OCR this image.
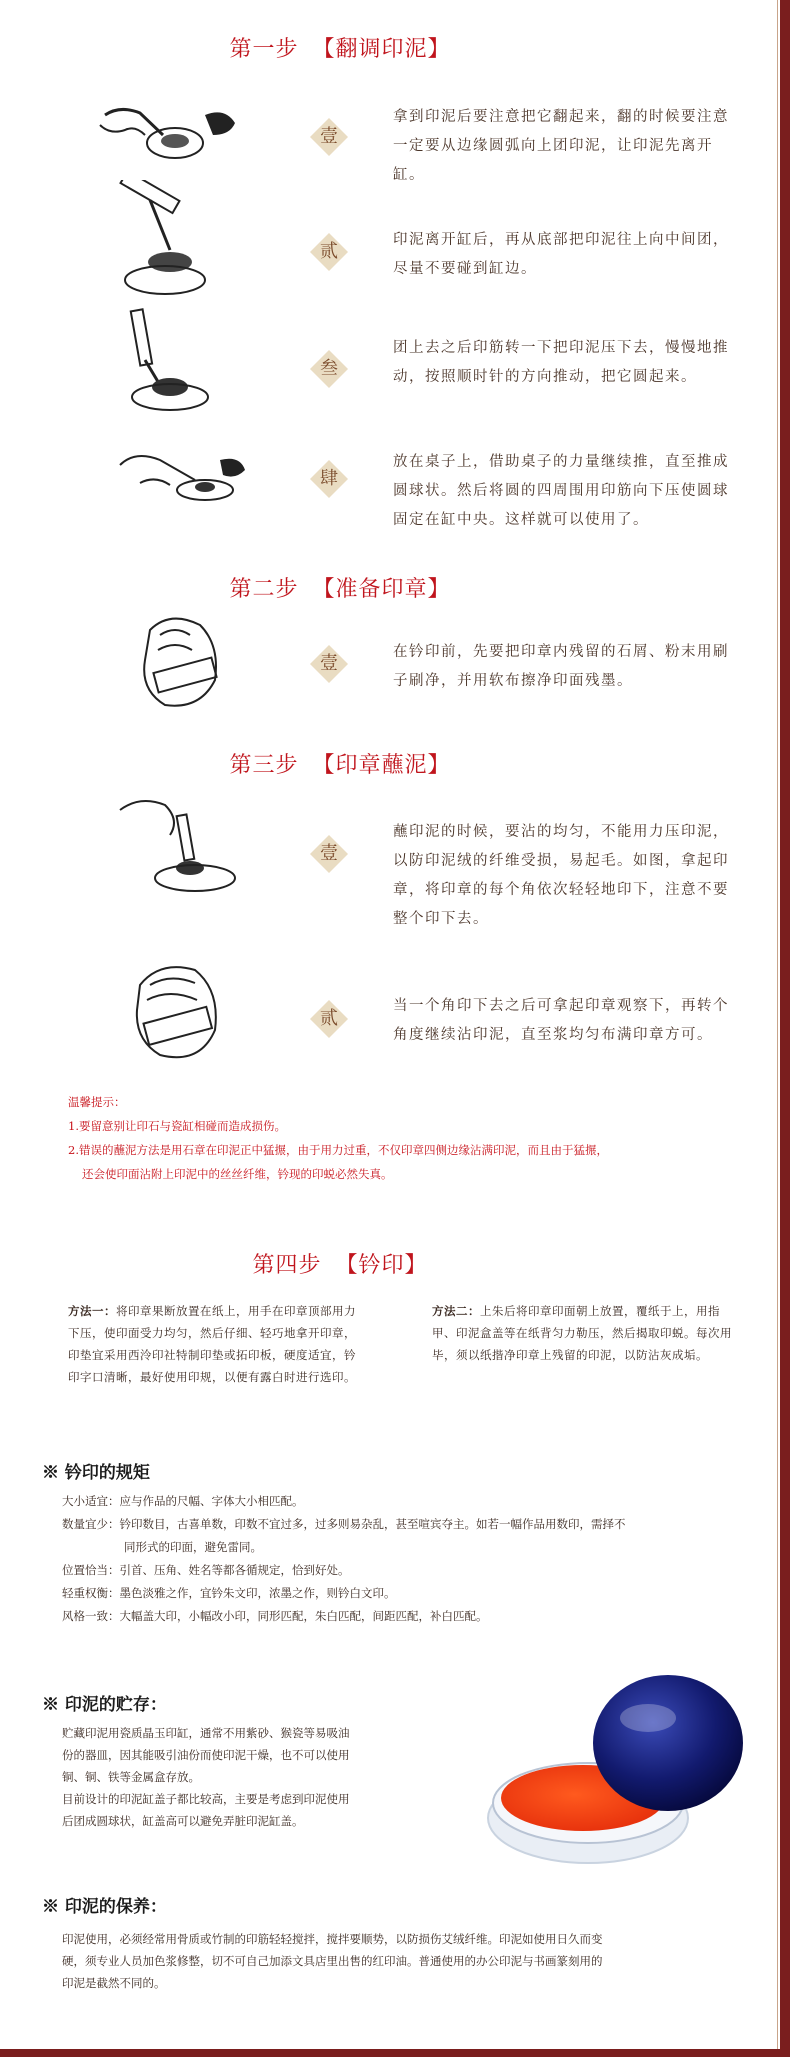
第一步 【翻调印泥】
壹
拿到印泥后要注意把它翻起来，翻的时候要注意一定要从边缘圆弧向上团印泥，让印泥先离开缸。
贰
印泥离开缸后，再从底部把印泥往上向中间团，尽量不要碰到缸边。
叁
团上去之后印筋转一下把印泥压下去，慢慢地推动，按照顺时针的方向推动，把它圆起来。
肆
放在桌子上，借助桌子的力量继续推，直至推成圆球状。然后将圆的四周围用印筋向下压使圆球固定在缸中央。这样就可以使用了。
第二步 【准备印章】
壹
在钤印前，先要把印章内残留的石屑、粉末用刷子刷净，并用软布擦净印面残墨。
第三步 【印章蘸泥】
壹
蘸印泥的时候，要沾的均匀，不能用力压印泥，以防印泥绒的纤维受损，易起毛。如图，拿起印章，将印章的每个角依次轻轻地印下，注意不要整个印下去。
贰
当一个角印下去之后可拿起印章观察下，再转个角度继续沾印泥，直至浆均匀布满印章方可。
温馨提示：
1.要留意别让印石与瓷缸相碰而造成损伤。
2.错误的蘸泥方法是用石章在印泥正中猛搌，由于用力过重，不仅印章四侧边缘沾满印泥，而且由于猛搌，
还会使印面沾附上印泥中的丝丝纤维，钤现的印蜕必然失真。
第四步 【钤印】
方法一：将印章果断放置在纸上，用手在印章顶部用力下压，使印面受力均匀，然后仔细、轻巧地拿开印章，印垫宜采用西泠印社特制印垫或拓印板，硬度适宜，钤印字口清晰，最好使用印规，以便有露白时进行选印。
方法二：上朱后将印章印面朝上放置，覆纸于上，用指甲、印泥盒盖等在纸背匀力勒压，然后揭取印蜕。每次用毕，须以纸揩净印章上残留的印泥，以防沾灰成垢。
※ 钤印的规矩
大小适宜：应与作品的尺幅、字体大小相匹配。
数量宜少：钤印数目，古喜单数，印数不宜过多，过多则易杂乱，甚至喧宾夺主。如若一幅作品用数印，需择不
同形式的印面，避免雷同。
位置恰当：引首、压角、姓名等都各循规定，恰到好处。
轻重权衡：墨色淡雅之作，宜钤朱文印，浓墨之作，则钤白文印。
风格一致：大幅盖大印，小幅改小印，同形匹配，朱白匹配，间距匹配，补白匹配。
※ 印泥的贮存：
贮藏印泥用瓷质晶玉印缸，通常不用紫砂、猴瓷等易吸油
份的器皿，因其能吸引油份而使印泥干燥，也不可以使用
铜、铜、铁等金属盒存放。
目前设计的印泥缸盖子都比较高，主要是考虑到印泥使用
后团成圆球状，缸盖高可以避免弄脏印泥缸盖。
※ 印泥的保养：
印泥使用，必须经常用骨质或竹制的印筋轻轻搅拌，搅拌要顺势，以防损伤艾绒纤维。印泥如使用日久而变
硬，须专业人员加色浆修整，切不可自己加添文具店里出售的红印油。普通使用的办公印泥与书画篆刻用的
印泥是截然不同的。
